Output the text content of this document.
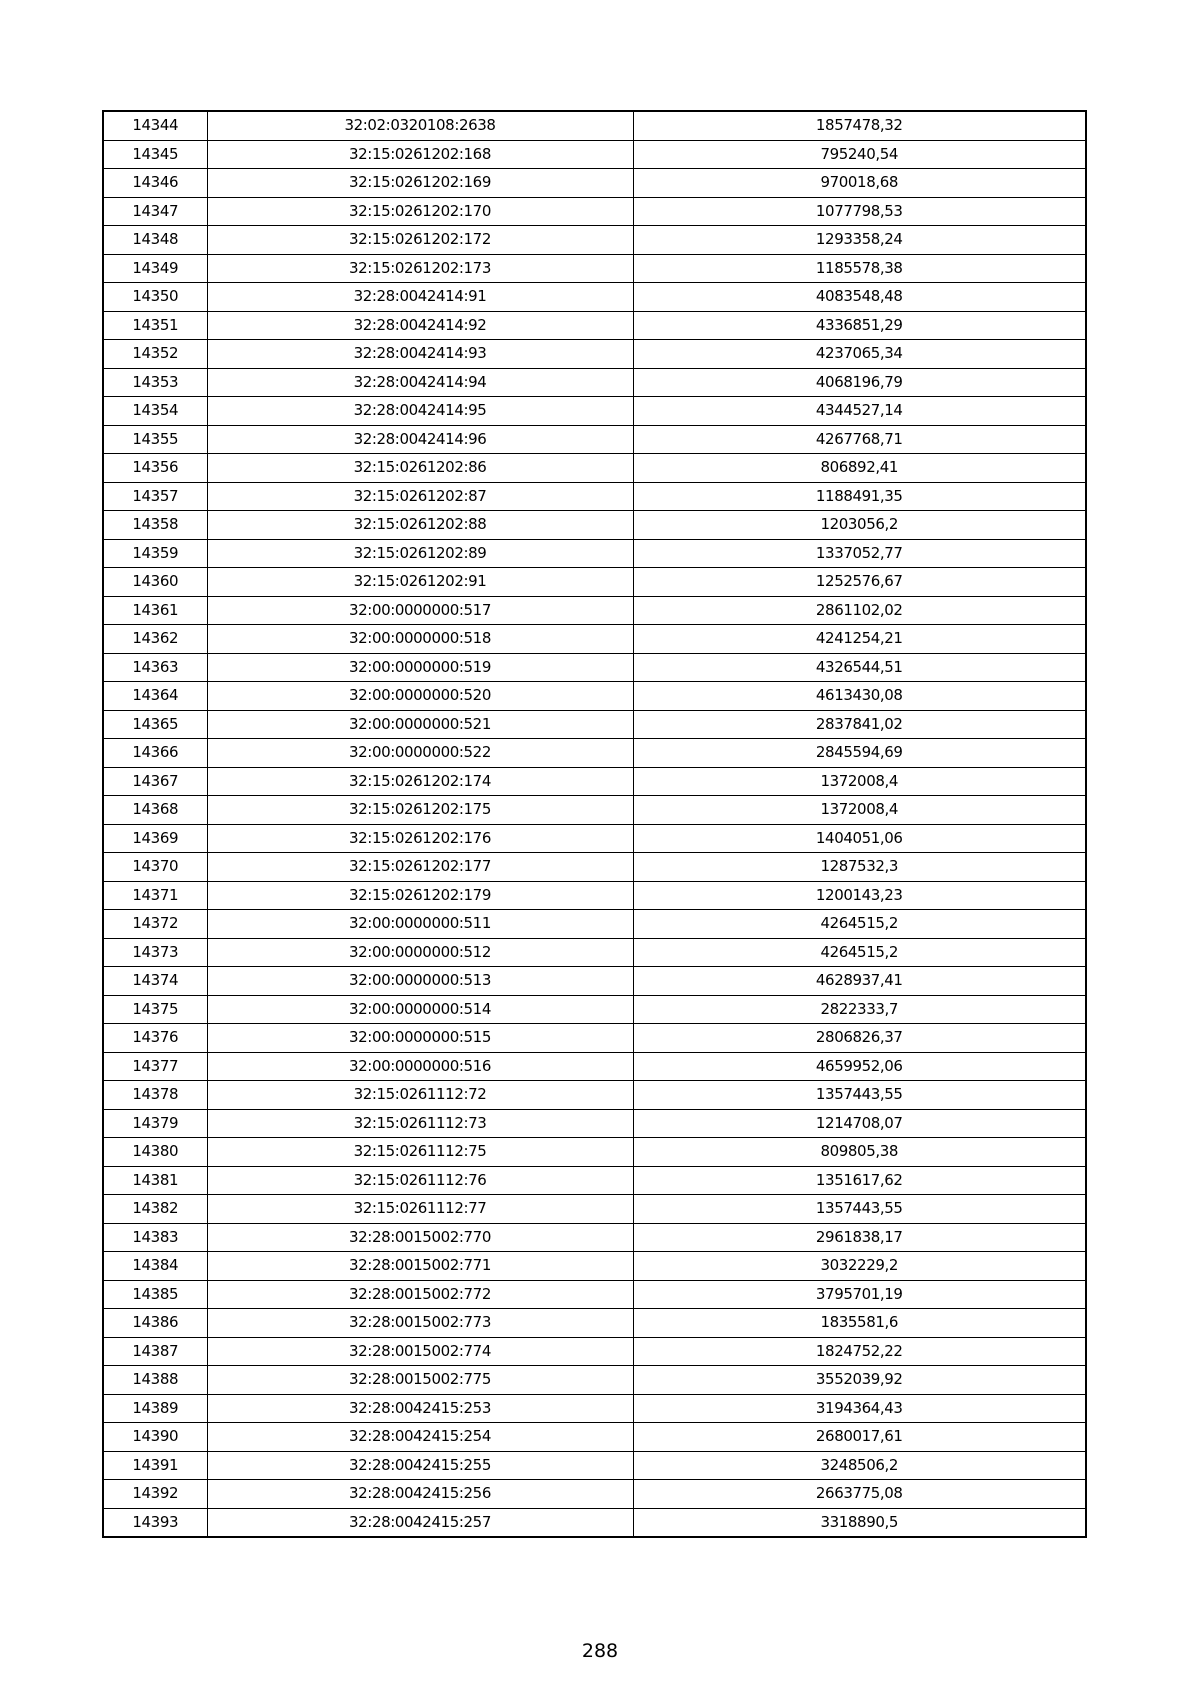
14344	32:02:0320108:2638	1857478,32
14345	32:15:0261202:168	795240,54
14346	32:15:0261202:169	970018,68
14347	32:15:0261202:170	1077798,53
14348	32:15:0261202:172	1293358,24
14349	32:15:0261202:173	1185578,38
14350	32:28:0042414:91	4083548,48
14351	32:28:0042414:92	4336851,29
14352	32:28:0042414:93	4237065,34
14353	32:28:0042414:94	4068196,79
14354	32:28:0042414:95	4344527,14
14355	32:28:0042414:96	4267768,71
14356	32:15:0261202:86	806892,41
14357	32:15:0261202:87	1188491,35
14358	32:15:0261202:88	1203056,2
14359	32:15:0261202:89	1337052,77
14360	32:15:0261202:91	1252576,67
14361	32:00:0000000:517	2861102,02
14362	32:00:0000000:518	4241254,21
14363	32:00:0000000:519	4326544,51
14364	32:00:0000000:520	4613430,08
14365	32:00:0000000:521	2837841,02
14366	32:00:0000000:522	2845594,69
14367	32:15:0261202:174	1372008,4
14368	32:15:0261202:175	1372008,4
14369	32:15:0261202:176	1404051,06
14370	32:15:0261202:177	1287532,3
14371	32:15:0261202:179	1200143,23
14372	32:00:0000000:511	4264515,2
14373	32:00:0000000:512	4264515,2
14374	32:00:0000000:513	4628937,41
14375	32:00:0000000:514	2822333,7
14376	32:00:0000000:515	2806826,37
14377	32:00:0000000:516	4659952,06
14378	32:15:0261112:72	1357443,55
14379	32:15:0261112:73	1214708,07
14380	32:15:0261112:75	809805,38
14381	32:15:0261112:76	1351617,62
14382	32:15:0261112:77	1357443,55
14383	32:28:0015002:770	2961838,17
14384	32:28:0015002:771	3032229,2
14385	32:28:0015002:772	3795701,19
14386	32:28:0015002:773	1835581,6
14387	32:28:0015002:774	1824752,22
14388	32:28:0015002:775	3552039,92
14389	32:28:0042415:253	3194364,43
14390	32:28:0042415:254	2680017,61
14391	32:28:0042415:255	3248506,2
14392	32:28:0042415:256	2663775,08
14393	32:28:0042415:257	3318890,5
288
